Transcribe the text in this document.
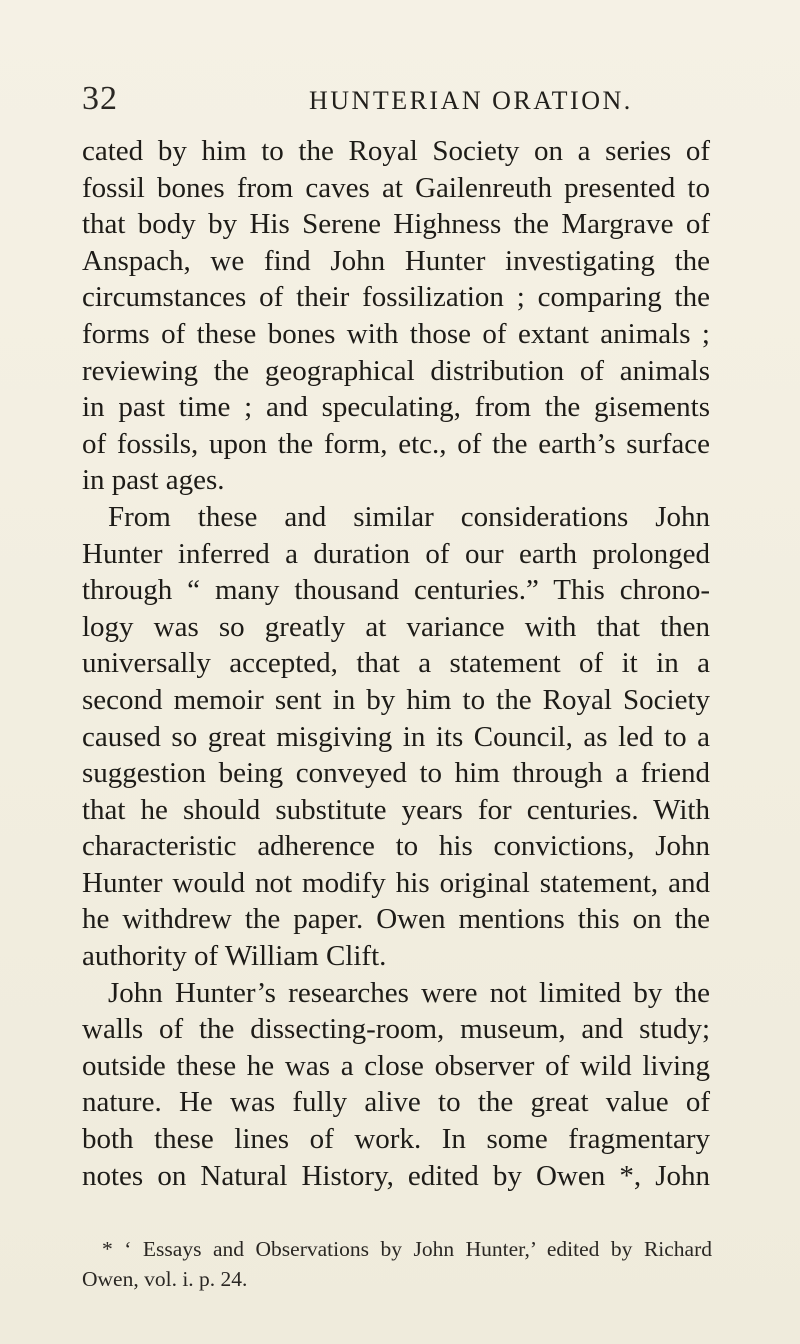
32	HUNTERIAN ORATION.
cated by him to the Royal Society on a series of
fossil bones from caves at Gailenreuth presented to
that body by His Serene Highness the Margrave of
Anspach, we find John Hunter investigating the
circumstances of their fossilization ; comparing the
forms of these bones with those of extant animals ;
reviewing the geographical distribution of animals
in past time ; and speculating, from the gisements
of fossils, upon the form, etc., of the earth’s surface
in past ages.
From these and similar considerations John
Hunter inferred a duration of our earth prolonged
through “ many thousand centuries.” This chrono-
logy was so greatly at variance with that then
universally accepted, that a statement of it in a
second memoir sent in by him to the Royal Society
caused so great misgiving in its Council, as led to a
suggestion being conveyed to him through a friend
that he should substitute years for centuries. With
characteristic adherence to his convictions, John
Hunter would not modify his original statement, and
he withdrew the paper. Owen mentions this on the
authority of William Clift.
John Hunter’s researches were not limited by the
walls of the dissecting-room, museum, and study;
outside these he was a close observer of wild living
nature. He was fully alive to the great value of
both these lines of work. In some fragmentary
notes on Natural History, edited by Owen *, John
* ‘ Essays and Observations by John Hunter,’ edited by Richard
Owen, vol. i. p. 24.
